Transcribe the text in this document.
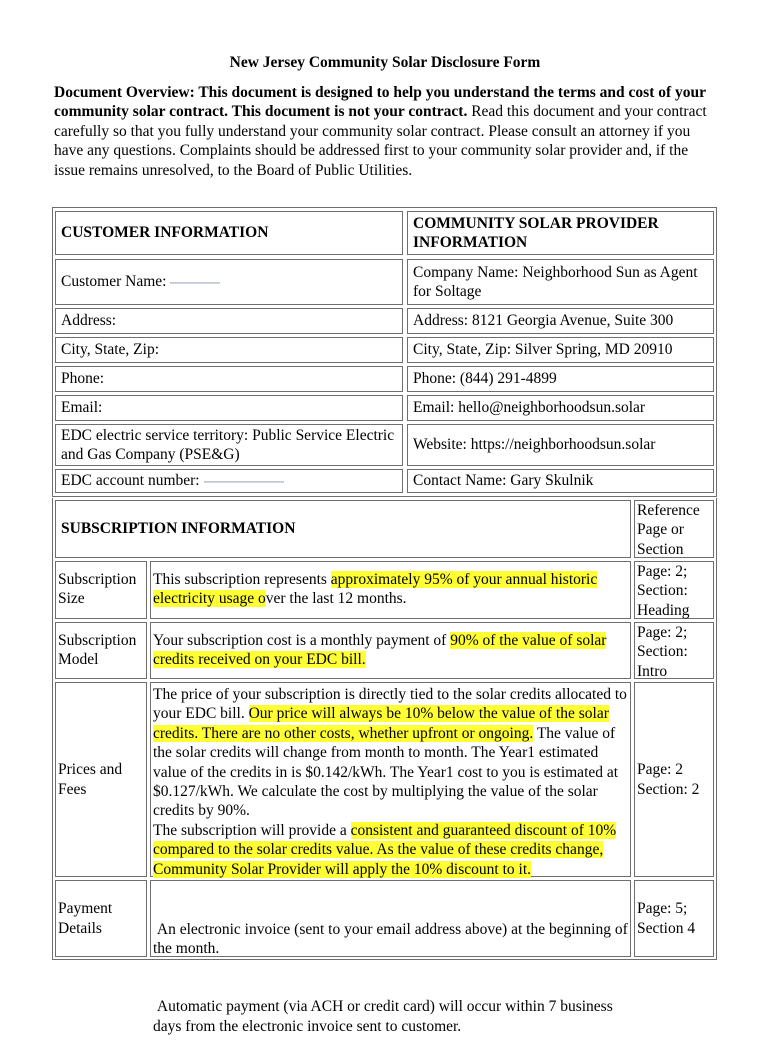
New Jersey Community Solar Disclosure Form
Document Overview: This document is designed to help you understand the terms and cost of your community solar contract. This document is not your contract. Read this document and your contract carefully so that you fully understand your community solar contract. Please consult an attorney if you have any questions. Complaints should be addressed first to your community solar provider and, if the issue remains unresolved, to the Board of Public Utilities.
CUSTOMER INFORMATION
Customer Name:
Address:
City, State, Zip:
Phone:
Email:
EDC electric service territory: Public Service Electric and Gas Company (PSE&G)
EDC account number:
COMMUNITY SOLAR PROVIDER INFORMATION
Company Name: Neighborhood Sun as Agent for Soltage
Address: 8121 Georgia Avenue, Suite 300
City, State, Zip: Silver Spring, MD 20910
Phone: (844) 291-4899
Email: hello@neighborhoodsun.solar
Website: https://neighborhoodsun.solar
Contact Name: Gary Skulnik
SUBSCRIPTION INFORMATION
Reference Page or Section
Subscription Size
This subscription represents approximately 95% of your annual historic electricity usage over the last 12 months.
Page: 2; Section: Heading
Subscription Model
Your subscription cost is a monthly payment of 90% of the value of solar credits received on your EDC bill.
Page: 2; Section: Intro
Prices and Fees
The price of your subscription is directly tied to the solar credits allocated to your EDC bill. Our price will always be 10% below the value of the solar credits. There are no other costs, whether upfront or ongoing. The value of the solar credits will change from month to month. The Year1 estimated value of the credits in is $0.142/kWh. The Year1 cost to you is estimated at $0.127/kWh. We calculate the cost by multiplying the value of the solar credits by 90%.
The subscription will provide a consistent and guaranteed discount of 10% compared to the solar credits value. As the value of these credits change, Community Solar Provider will apply the 10% discount to it.
Page: 2 Section: 2
Payment Details

	An electronic invoice (sent to your email address above) at the beginning of the month.

Automatic payment (via ACH or credit card) will occur within 7 business days from the electronic invoice sent to customer.

Page: 5; Section 4
